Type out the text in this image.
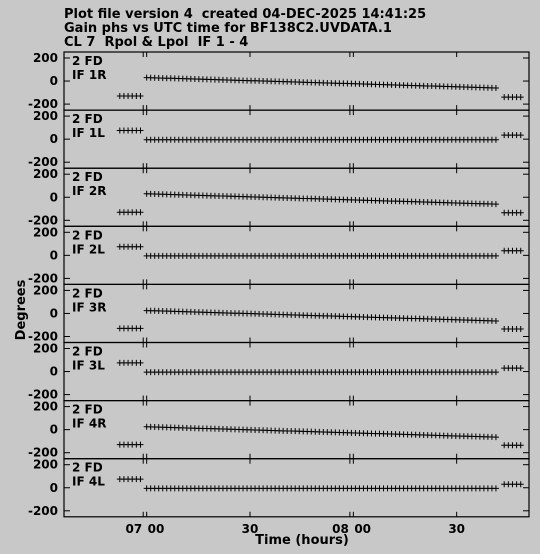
Plot file version 4  created 04-DEC-2025 14:41:25
Gain phs vs UTC time for BF138C2.UVDATA.1
CL 7  Rpol & Lpol  IF 1 - 4
200
0
-200
2 FD
IF 1R
200
0
-200
2 FD
IF 1L
200
0
-200
2 FD
IF 2R
200
0
-200
2 FD
IF 2L
200
0
-200
2 FD
IF 3R
200
0
-200
2 FD
IF 3L
200
0
-200
2 FD
IF 4R
200
0
-200
2 FD
IF 4L
07 00	30	08 00	30
Time (hours)
Degrees
